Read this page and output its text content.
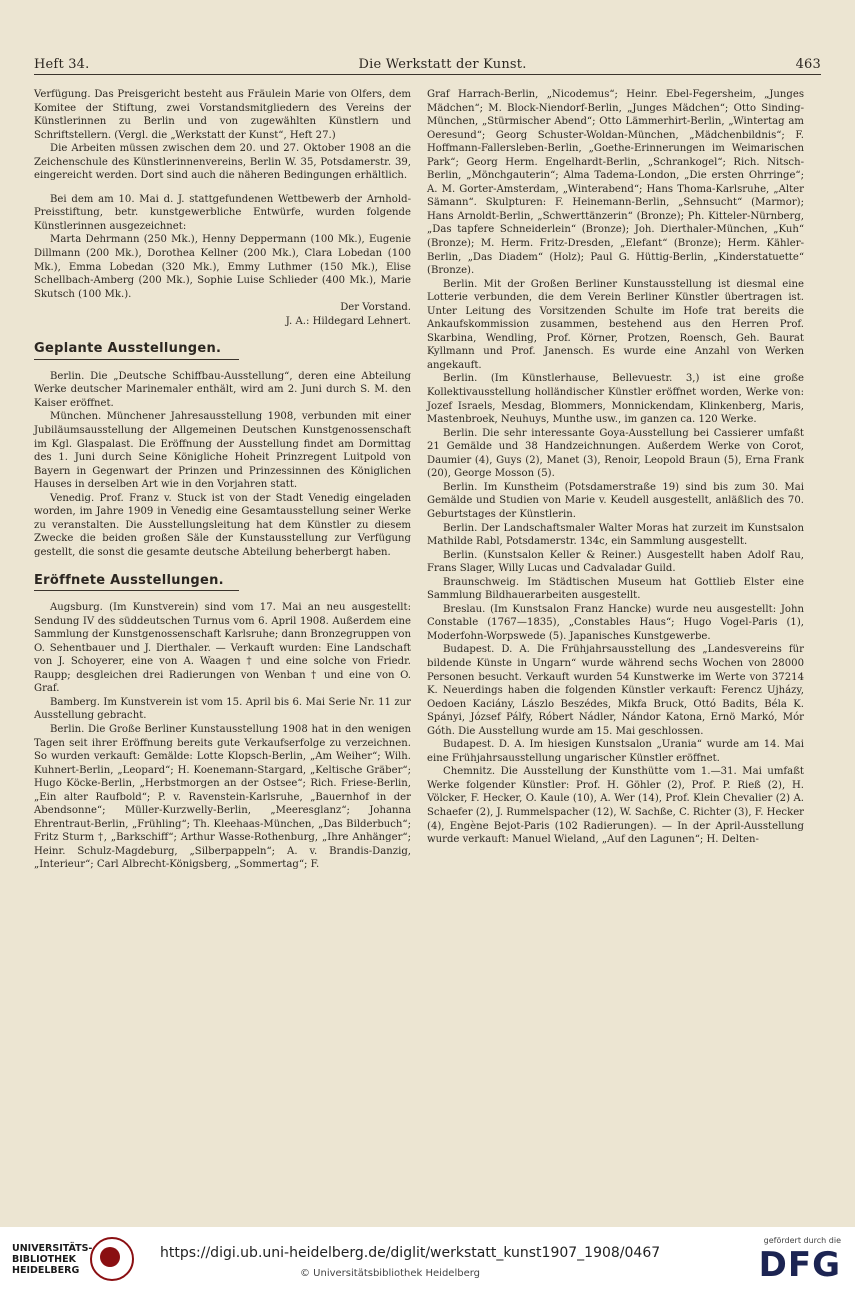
Heft 34.	Die Werkstatt der Kunst.	463

Verfügung. Das Preisgericht besteht aus Fräulein Marie von Olfers, dem Komitee der Stiftung, zwei Vorstandsmitgliedern des Vereins der Künstlerinnen zu Berlin und von zugewählten Künstlern und Schriftstellern. (Vergl. die „Werkstatt der Kunst“, Heft 27.)

Die Arbeiten müssen zwischen dem 20. und 27. Oktober 1908 an die Zeichenschule des Künstlerinnenvereins, Berlin W. 35, Potsdamerstr. 39, eingereicht werden. Dort sind auch die näheren Bedingungen erhältlich.

Bei dem am 10. Mai d. J. stattgefundenen Wettbewerb der Arnhold-Preisstiftung, betr. kunstgewerbliche Entwürfe, wurden folgende Künstlerinnen ausgezeichnet:

Marta Dehrmann (250 Mk.), Henny Deppermann (100 Mk.), Eugenie Dillmann (200 Mk.), Dorothea Kellner (200 Mk.), Clara Lobedan (100 Mk.), Emma Lobedan (320 Mk.), Emmy Luthmer (150 Mk.), Elise Schellbach-Amberg (200 Mk.), Sophie Luise Schlieder (400 Mk.), Marie Skutsch (100 Mk.).

Der Vorstand.

J. A.: Hildegard Lehnert.

Geplante Ausstellungen.

Berlin. Die „Deutsche Schiffbau-Ausstellung“, deren eine Abteilung Werke deutscher Marinemaler enthält, wird am 2. Juni durch S. M. den Kaiser eröffnet.

München. Münchener Jahresausstellung 1908, verbunden mit einer Jubiläumsausstellung der Allgemeinen Deutschen Kunstgenossenschaft im Kgl. Glaspalast. Die Eröffnung der Ausstellung findet am Dormittag des 1. Juni durch Seine Königliche Hoheit Prinzregent Luitpold von Bayern in Gegenwart der Prinzen und Prinzessinnen des Königlichen Hauses in derselben Art wie in den Vorjahren statt.

Venedig. Prof. Franz v. Stuck ist von der Stadt Venedig eingeladen worden, im Jahre 1909 in Venedig eine Gesamtausstellung seiner Werke zu veranstalten. Die Ausstellungsleitung hat dem Künstler zu diesem Zwecke die beiden großen Säle der Kunstausstellung zur Verfügung gestellt, die sonst die gesamte deutsche Abteilung beherbergt haben.

Eröffnete Ausstellungen.

Augsburg. (Im Kunstverein) sind vom 17. Mai an neu ausgestellt: Sendung IV des süddeutschen Turnus vom 6. April 1908. Außerdem eine Sammlung der Kunstgenossenschaft Karlsruhe; dann Bronzegruppen von O. Sehentbauer und J. Dierthaler. — Verkauft wurden: Eine Landschaft von J. Schoyerer, eine von A. Waagen † und eine solche von Friedr. Raupp; desgleichen drei Radierungen von Wenban † und eine von O. Graf.

Bamberg. Im Kunstverein ist vom 15. April bis 6. Mai Serie Nr. 11 zur Ausstellung gebracht.

Berlin. Die Große Berliner Kunstausstellung 1908 hat in den wenigen Tagen seit ihrer Eröffnung bereits gute Verkaufserfolge zu verzeichnen. So wurden verkauft: Gemälde: Lotte Klopsch-Berlin, „Am Weiher“; Wilh. Kuhnert-Berlin, „Leopard“; H. Koenemann-Stargard, „Keltische Gräber“; Hugo Köcke-Berlin, „Herbstmorgen an der Ostsee“; Rich. Friese-Berlin, „Ein alter Raufbold“; P. v. Ravenstein-Karlsruhe, „Bauernhof in der Abendsonne“; Müller-Kurzwelly-Berlin, „Meeresglanz“; Johanna Ehrentraut-Berlin, „Frühling“; Th. Kleehaas-München, „Das Bilderbuch“; Fritz Sturm †, „Barkschiff“; Arthur Wasse-Rothenburg, „Ihre Anhänger“; Heinr. Schulz-Magdeburg, „Silberpappeln“; A. v. Brandis-Danzig, „Interieur“; Carl Albrecht-Königsberg, „Sommertag“; F.

Graf Harrach-Berlin, „Nicodemus“; Heinr. Ebel-Fegersheim, „Junges Mädchen“; M. Block-Niendorf-Berlin, „Junges Mädchen“; Otto Sinding-München, „Stürmischer Abend“; Otto Lämmerhirt-Berlin, „Wintertag am Oeresund“; Georg Schuster-Woldan-München, „Mädchenbildnis“; F. Hoffmann-Fallersleben-Berlin, „Goethe-Erinnerungen im Weimarischen Park“; Georg Herm. Engelhardt-Berlin, „Schrankogel“; Rich. Nitsch-Berlin, „Mönchgauterin“; Alma Tadema-London, „Die ersten Ohrringe“; A. M. Gorter-Amsterdam, „Winterabend“; Hans Thoma-Karlsruhe, „Alter Sämann“. Skulpturen: F. Heinemann-Berlin, „Sehnsucht“ (Marmor); Hans Arnoldt-Berlin, „Schwerttänzerin“ (Bronze); Ph. Kitteler-Nürnberg, „Das tapfere Schneiderlein“ (Bronze); Joh. Dierthaler-München, „Kuh“ (Bronze); M. Herm. Fritz-Dresden, „Elefant“ (Bronze); Herm. Kähler-Berlin, „Das Diadem“ (Holz); Paul G. Hüttig-Berlin, „Kinderstatuette“ (Bronze).

Berlin. Mit der Großen Berliner Kunstausstellung ist diesmal eine Lotterie verbunden, die dem Verein Berliner Künstler übertragen ist. Unter Leitung des Vorsitzenden Schulte im Hofe trat bereits die Ankaufskommission zusammen, bestehend aus den Herren Prof. Skarbina, Wendling, Prof. Körner, Protzen, Roensch, Geh. Baurat Kyllmann und Prof. Janensch. Es wurde eine Anzahl von Werken angekauft.

Berlin. (Im Künstlerhause, Bellevuestr. 3,) ist eine große Kollektivausstellung holländischer Künstler eröffnet worden, Werke von: Jozef Israels, Mesdag, Blommers, Monnickendam, Klinkenberg, Maris, Mastenbroek, Neuhuys, Munthe usw., im ganzen ca. 120 Werke.

Berlin. Die sehr interessante Goya-Ausstellung bei Cassierer umfaßt 21 Gemälde und 38 Handzeichnungen. Außerdem Werke von Corot, Daumier (4), Guys (2), Manet (3), Renoir, Leopold Braun (5), Erna Frank (20), George Mosson (5).

Berlin. Im Kunstheim (Potsdamerstraße 19) sind bis zum 30. Mai Gemälde und Studien von Marie v. Keudell ausgestellt, anläßlich des 70. Geburtstages der Künstlerin.

Berlin. Der Landschaftsmaler Walter Moras hat zurzeit im Kunstsalon Mathilde Rabl, Potsdamerstr. 134c, ein Sammlung ausgestellt.

Berlin. (Kunstsalon Keller & Reiner.) Ausgestellt haben Adolf Rau, Frans Slager, Willy Lucas und Cadvaladar Guild.

Braunschweig. Im Städtischen Museum hat Gottlieb Elster eine Sammlung Bildhauerarbeiten ausgestellt.

Breslau. (Im Kunstsalon Franz Hancke) wurde neu ausgestellt: John Constable (1767—1835), „Constables Haus“; Hugo Vogel-Paris (1), Moderfohn-Worpswede (5). Japanisches Kunstgewerbe.

Budapest. D. A. Die Frühjahrsausstellung des „Landesvereins für bildende Künste in Ungarn“ wurde während sechs Wochen von 28000 Personen besucht. Verkauft wurden 54 Kunstwerke im Werte von 37214 K. Neuerdings haben die folgenden Künstler verkauft: Ferencz Ujházy, Oedoen Kaciány, Lászlo Beszédes, Mikfa Bruck, Ottó Badits, Béla K. Spányi, József Pálfy, Róbert Nádler, Nándor Katona, Ernö Markó, Mór Góth. Die Ausstellung wurde am 15. Mai geschlossen.

Budapest. D. A. Im hiesigen Kunstsalon „Urania“ wurde am 14. Mai eine Frühjahrsausstellung ungarischer Künstler eröffnet.

Chemnitz. Die Ausstellung der Kunsthütte vom 1.—31. Mai umfaßt Werke folgender Künstler: Prof. H. Göhler (2), Prof. P. Rieß (2), H. Völcker, F. Hecker, O. Kaule (10), A. Wer (14), Prof. Klein Chevalier (2) A. Schaefer (2), J. Rummelspacher (12), W. Sachße, C. Richter (3), F. Hecker (4), Engène Bejot-Paris (102 Radierungen). — In der April-Ausstellung wurde verkauft: Manuel Wieland, „Auf den Lagunen“; H. Delten-

UNIVERSITÄTS-
BIBLIOTHEK
HEIDELBERG
https://digi.ub.uni-heidelberg.de/diglit/werkstatt_kunst1907_1908/0467
© Universitätsbibliothek Heidelberg
gefördert durch die
DFG
